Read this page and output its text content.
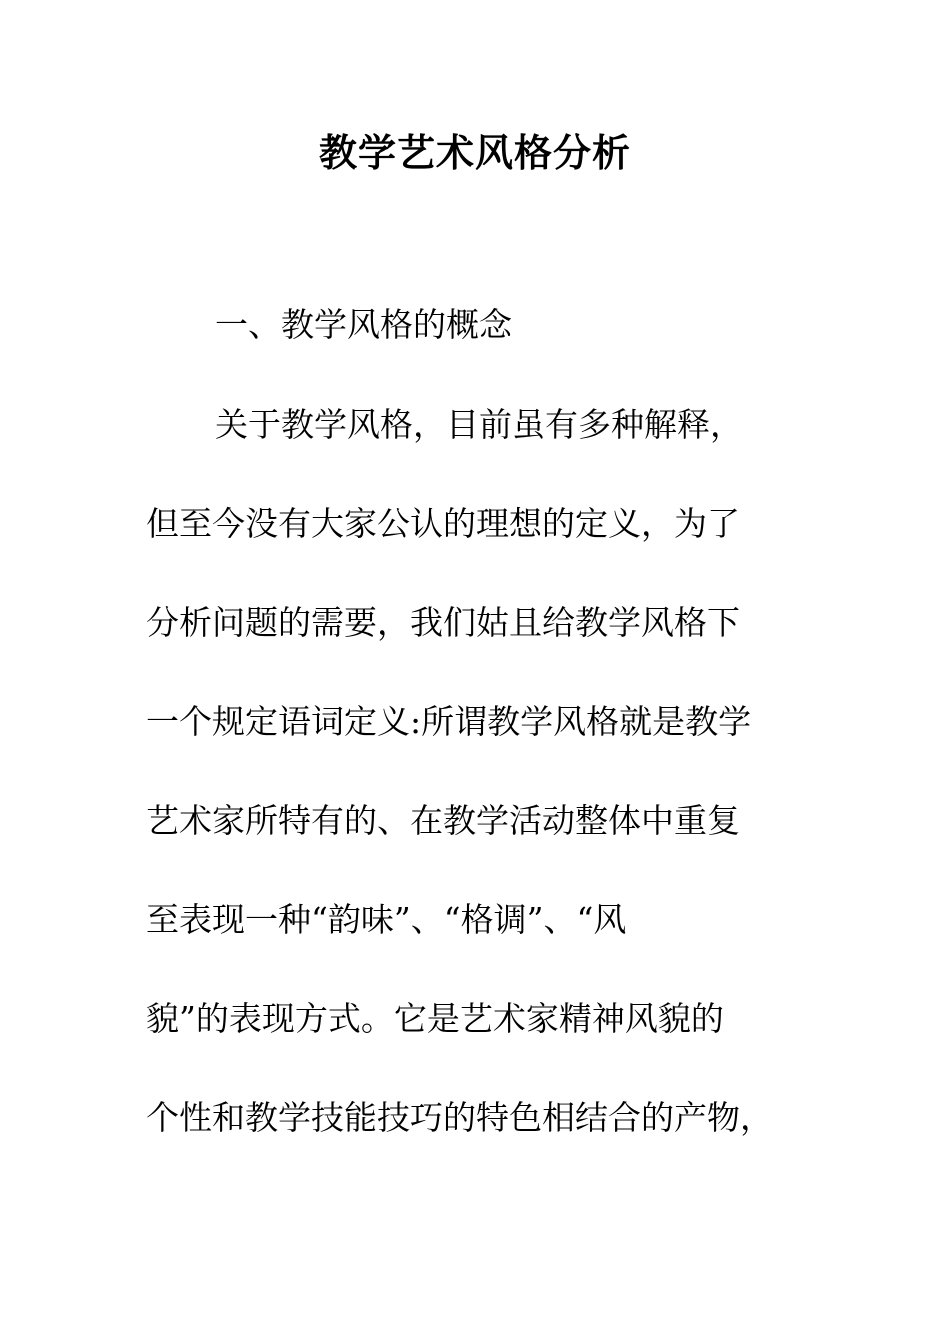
教学艺术风格分析
一、教学风格的概念
关于教学风格，目前虽有多种解释，
但至今没有大家公认的理想的定义，为了
分析问题的需要，我们姑且给教学风格下
一个规定语词定义:所谓教学风格就是教学
艺术家所特有的、在教学活动整体中重复
至表现一种“韵味”、“格调”、“风
貌”的表现方式。它是艺术家精神风貌的
个性和教学技能技巧的特色相结合的产物，
